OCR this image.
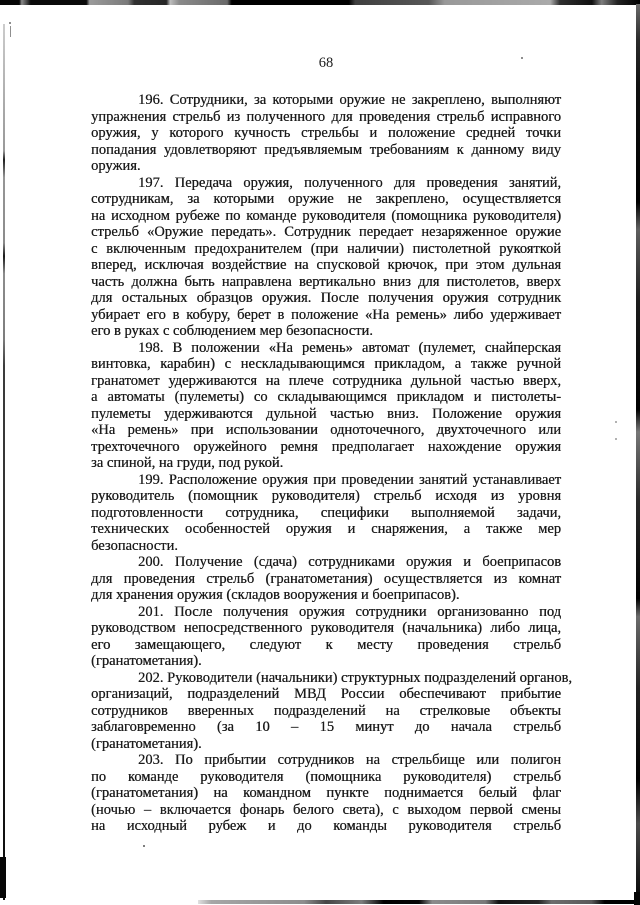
68
196. Сотрудники, за которыми оружие не закреплено, выполняют
упражнения стрельб из полученного для проведения стрельб исправного
оружия, у которого кучность стрельбы и положение средней точки
попадания удовлетворяют предъявляемым требованиям к данному виду
оружия.
197. Передача оружия, полученного для проведения занятий,
сотрудникам, за которыми оружие не закреплено, осуществляется
на исходном рубеже по команде руководителя (помощника руководителя)
стрельб «Оружие передать». Сотрудник передает незаряженное оружие
с включенным предохранителем (при наличии) пистолетной рукояткой
вперед, исключая воздействие на спусковой крючок, при этом дульная
часть должна быть направлена вертикально вниз для пистолетов, вверх
для остальных образцов оружия. После получения оружия сотрудник
убирает его в кобуру, берет в положение «На ремень» либо удерживает
его в руках с соблюдением мер безопасности.
198. В положении «На ремень» автомат (пулемет, снайперская
винтовка, карабин) с нескладывающимся прикладом, а также ручной
гранатомет удерживаются на плече сотрудника дульной частью вверх,
а автоматы (пулеметы) со складывающимся прикладом и пистолеты-
пулеметы удерживаются дульной частью вниз. Положение оружия
«На ремень» при использовании одноточечного, двухточечного или
трехточечного оружейного ремня предполагает нахождение оружия
за спиной, на груди, под рукой.
199. Расположение оружия при проведении занятий устанавливает
руководитель (помощник руководителя) стрельб исходя из уровня
подготовленности сотрудника, специфики выполняемой задачи,
технических особенностей оружия и снаряжения, а также мер
безопасности.
200. Получение (сдача) сотрудниками оружия и боеприпасов
для проведения стрельб (гранатометания) осуществляется из комнат
для хранения оружия (складов вооружения и боеприпасов).
201. После получения оружия сотрудники организованно под
руководством непосредственного руководителя (начальника) либо лица,
его замещающего, следуют к месту проведения стрельб
(гранатометания).
202. Руководители (начальники) структурных подразделений органов,
организаций, подразделений МВД России обеспечивают прибытие
сотрудников вверенных подразделений на стрелковые объекты
заблаговременно (за 10 – 15 минут до начала стрельб
(гранатометания).
203. По прибытии сотрудников на стрельбище или полигон
по команде руководителя (помощника руководителя) стрельб
(гранатометания) на командном пункте поднимается белый флаг
(ночью – включается фонарь белого света), с выходом первой смены
на исходный рубеж и до команды руководителя стрельб
